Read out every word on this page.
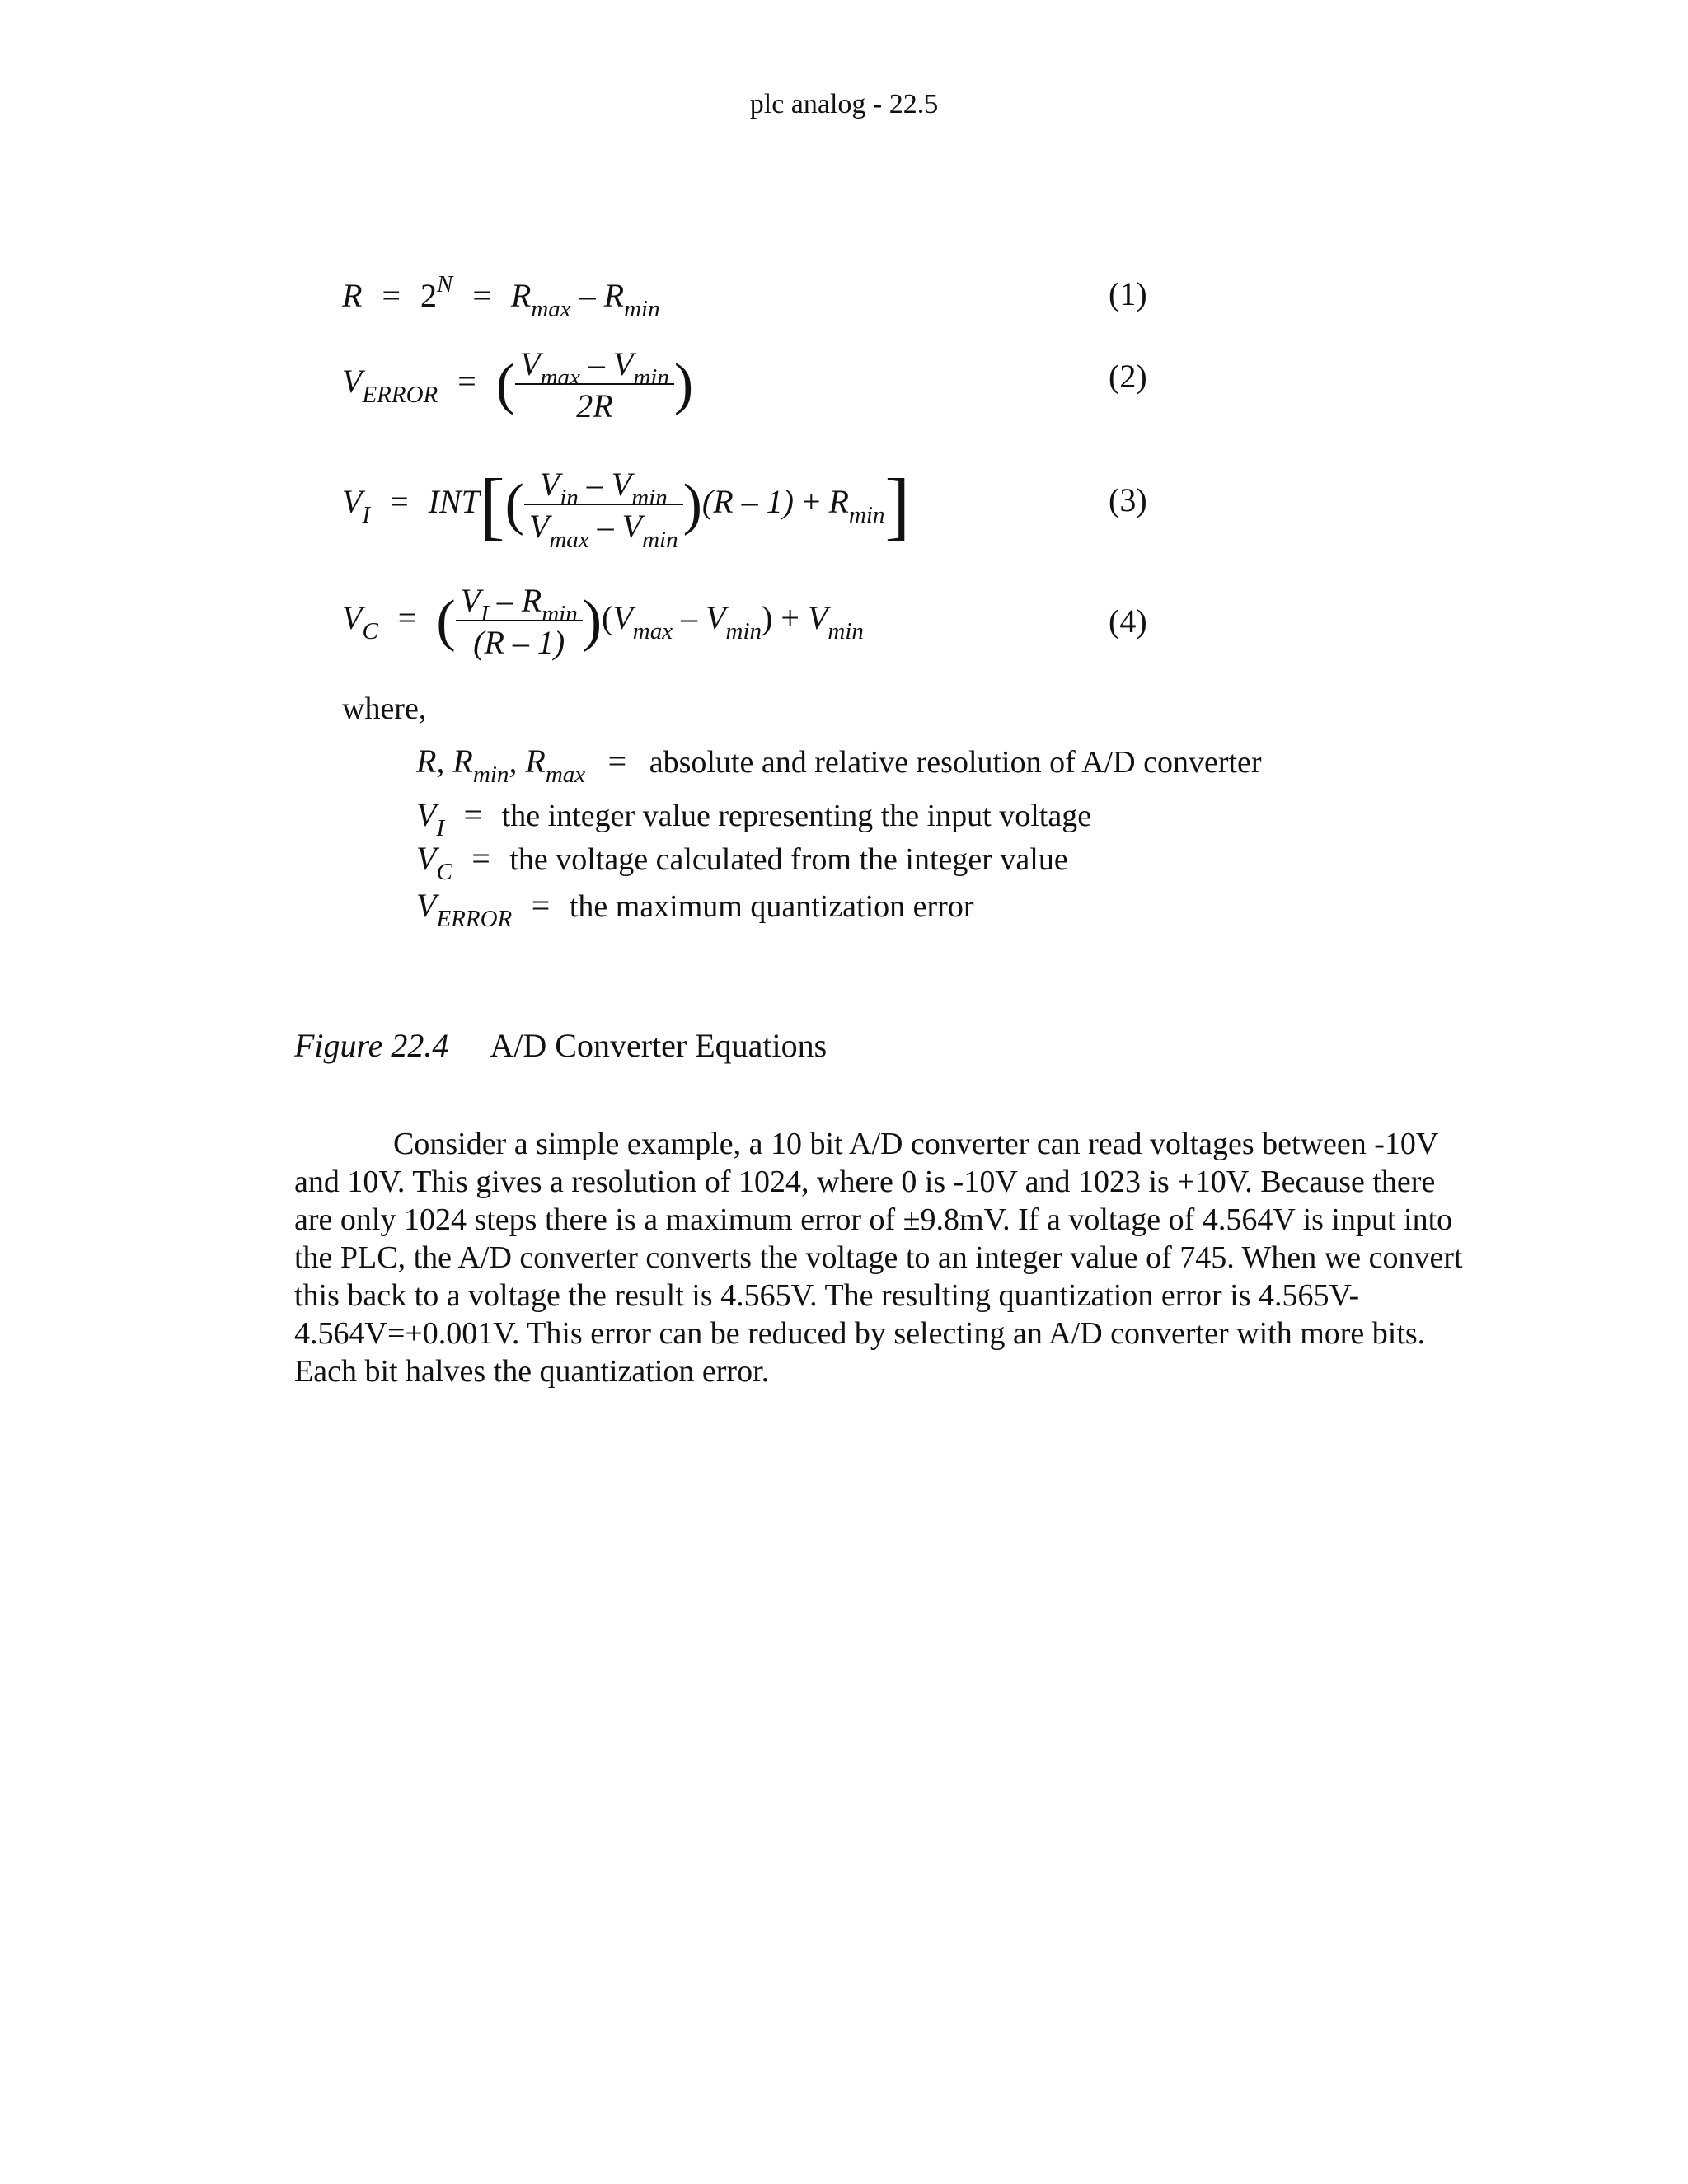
plc analog - 22.5
$R = 2^N = R_{max} - R_{min}$	(1)
$V_{ERROR}$ = ( $\frac{V_{max} - V_{min}}{2R}$ )	(2)
$V_I = INT[( \frac{V_{in} - V_{min}}{V_{max} - V_{min}} )(R - 1) + R_{min}]$	(3)
$V_C$ = ( $\frac{V_I - R_{min}}{(R - 1)} )(V_{max} - V_{min}) + V_{min}$	(4)
where,
R, $R_{min}$, $R_{max}$ = absolute and relative resolution of A/D converter
$V_I$ = the integer value representing the input voltage
$V_C$ = the voltage calculated from the integer value
$V_{ERROR}$ = the maximum quantization error
Figure 22.4 A/D Converter Equations
Consider a simple example, a 10 bit A/D converter can read voltages between -10V and 10V. This gives a resolution of 1024, where 0 is -10V and 1023 is +10V. Because there are only 1024 steps there is a maximum error of ±9.8mV. If a voltage of 4.564V is input into the PLC, the A/D converter converts the voltage to an integer value of 745. When we convert this back to a voltage the result is 4.565V. The resulting quantization error is 4.565V-4.564V=+0.001V. This error can be reduced by selecting an A/D converter with more bits. Each bit halves the quantization error.
